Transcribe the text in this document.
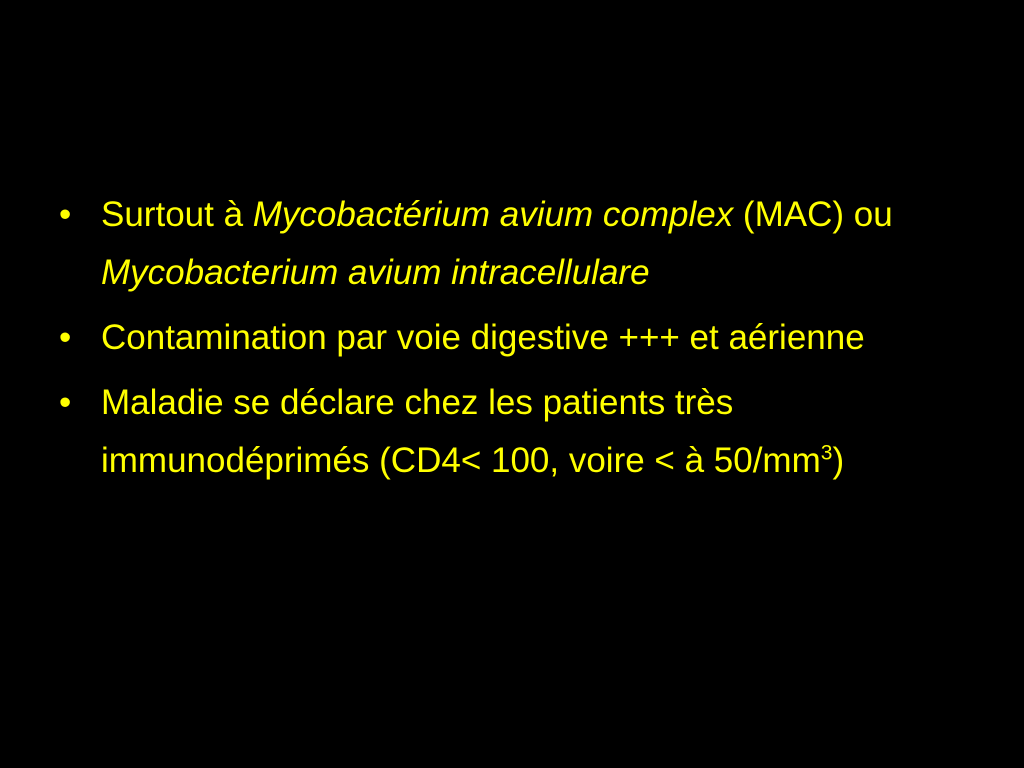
• Surtout à Mycobactérium avium complex (MAC) ou Mycobacterium avium intracellulare
• Contamination par voie digestive +++ et aérienne
• Maladie se déclare chez les patients très immunodéprimés (CD4< 100, voire < à $50/mm^3$)
